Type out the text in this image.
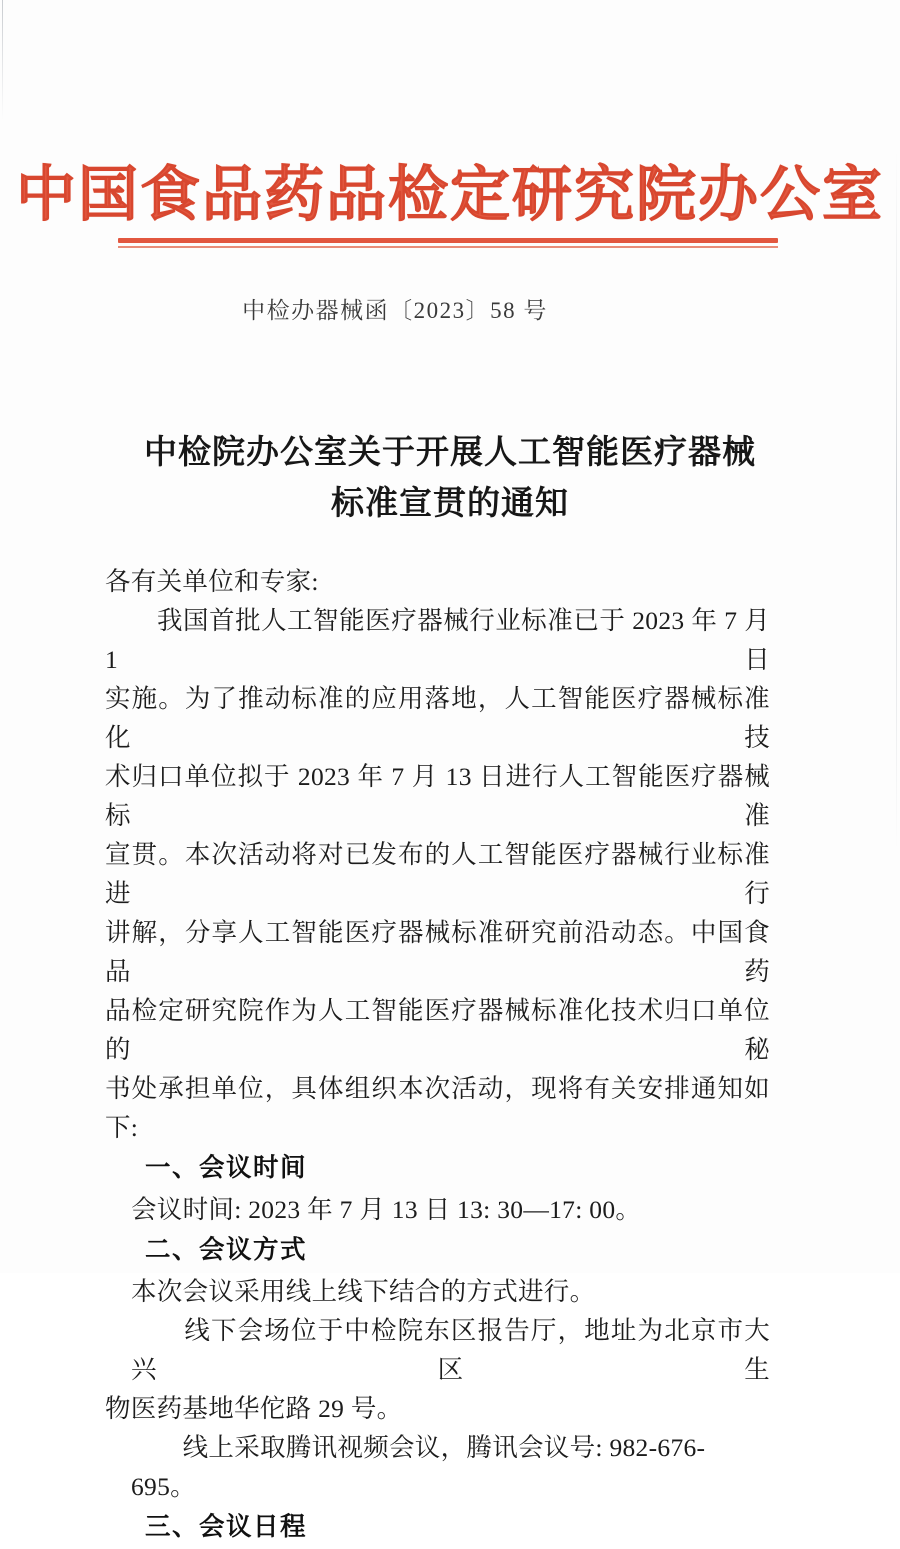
中国食品药品检定研究院办公室
中检办器械函〔2023〕58 号
中检院办公室关于开展人工智能医疗器械
标准宣贯的通知
各有关单位和专家:
　　我国首批人工智能医疗器械行业标准已于 2023 年 7 月 1 日
实施。为了推动标准的应用落地，人工智能医疗器械标准化技
术归口单位拟于 2023 年 7 月 13 日进行人工智能医疗器械标准
宣贯。本次活动将对已发布的人工智能医疗器械行业标准进行
讲解，分享人工智能医疗器械标准研究前沿动态。中国食品药
品检定研究院作为人工智能医疗器械标准化技术归口单位的秘
书处承担单位，具体组织本次活动，现将有关安排通知如下:
一、会议时间
会议时间: 2023 年 7 月 13 日 13: 30—17: 00。
二、会议方式
本次会议采用线上线下结合的方式进行。
　　线下会场位于中检院东区报告厅，地址为北京市大兴区生
物医药基地华佗路 29 号。
　　线上采取腾讯视频会议，腾讯会议号: 982-676-695。
三、会议日程
